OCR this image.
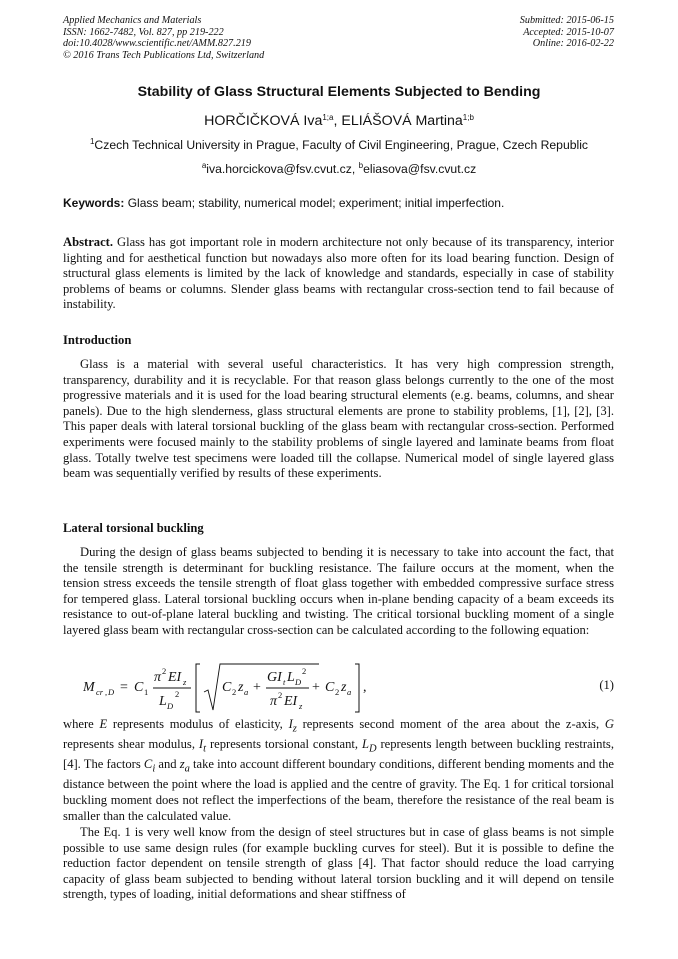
Applied Mechanics and Materials
ISSN: 1662-7482, Vol. 827, pp 219-222
doi:10.4028/www.scientific.net/AMM.827.219
© 2016 Trans Tech Publications Ltd, Switzerland
Submitted: 2015-06-15
Accepted: 2015-10-07
Online: 2016-02-22
Stability of Glass Structural Elements Subjected to Bending
HORČIČKOVÁ Iva$^{1;a}$, ELIÁŠOVÁ Martina$^{1;b}$
$^1$Czech Technical University in Prague, Faculty of Civil Engineering, Prague, Czech Republic
$^a$iva.horcickova@fsv.cvut.cz, $^b$eliasova@fsv.cvut.cz
Keywords: Glass beam; stability, numerical model; experiment; initial imperfection.
Abstract. Glass has got important role in modern architecture not only because of its transparency, interior lighting and for aesthetical function but nowadays also more often for its load bearing function. Design of structural glass elements is limited by the lack of knowledge and standards, especially in case of stability problems of beams or columns. Slender glass beams with rectangular cross-section tend to fail because of instability.
Introduction
Glass is a material with several useful characteristics. It has very high compression strength, transparency, durability and it is recyclable. For that reason glass belongs currently to the one of the most progressive materials and it is used for the load bearing structural elements (e.g. beams, columns, and shear panels). Due to the high slenderness, glass structural elements are prone to stability problems, [1], [2], [3]. This paper deals with lateral torsional buckling of the glass beam with rectangular cross-section. Performed experiments were focused mainly to the stability problems of single layered and laminate beams from float glass. Totally twelve test specimens were loaded till the collapse. Numerical model of single layered glass beam was sequentially verified by results of these experiments.
Lateral torsional buckling
During the design of glass beams subjected to bending it is necessary to take into account the fact, that the tensile strength is determinant for buckling resistance. The failure occurs at the moment, when the tension stress exceeds the tensile strength of float glass together with embedded compressive surface stress for tempered glass. Lateral torsional buckling occurs when in-plane bending capacity of a beam exceeds its resistance to out-of-plane lateral buckling and twisting. The critical torsional buckling moment of a single layered glass beam with rectangular cross-section can be calculated according to the following equation:
M cr , D = C 1
π 2 EI z
L D
2	C 2 z a +
GI t L D
2
π 2 EI z
+ C 2 z a ,	(1)
where E represents modulus of elasticity, $I_z$ represents second moment of the area about the z-axis, G represents shear modulus, $I_t$ represents torsional constant, $L_D$ represents length between buckling restraints, [4]. The factors $C_i$ and $z_a$ take into account different boundary conditions, different bending moments and the distance between the point where the load is applied and the centre of gravity. The Eq. 1 for critical torsional buckling moment does not reflect the imperfections of the beam, therefore the resistance of the real beam is smaller than the calculated value.
The Eq. 1 is very well know from the design of steel structures but in case of glass beams is not simple possible to use same design rules (for example buckling curves for steel). But it is possible to define the reduction factor dependent on tensile strength of glass [4]. That factor should reduce the load carrying capacity of glass beam subjected to bending without lateral torsion buckling and it will depend on tensile strength, types of loading, initial deformations and shear stiffness of
